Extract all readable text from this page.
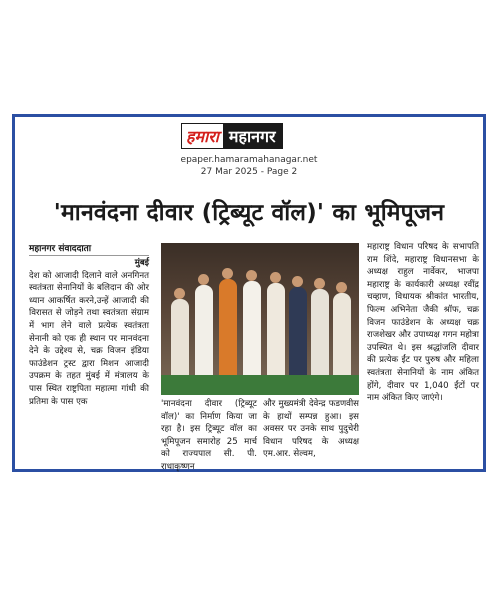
हमारा महानगर
epaper.hamaramahanagar.net
27 Mar 2025 - Page 2
'मानवंदना दीवार (ट्रिब्यूट वॉल)' का भूमिपूजन
महानगर संवाददाता
मुंबई
देश को आजादी दिलाने वाले अनगिनत स्वतंत्रता सेनानियों के बलिदान की ओर ध्यान आकर्षित करने,उन्हें आजादी की विरासत से जोड़ने तथा स्वतंत्रता संग्राम में भाग लेने वाले प्रत्येक स्वतंत्रता सेनानी को एक ही स्थान पर मानवंदना देने के उद्देश्य से, चक्र विजन इंडिया फाउंडेशन ट्रस्ट द्वारा मिशन आजादी उपक्रम के तहत मुंबई में मंत्रालय के पास स्थित राष्ट्रपिता महात्मा गांधी की प्रतिमा के पास एक	'मानवंदना दीवार (ट्रिब्यूट वॉल)' का निर्माण किया जा रहा है। इस ट्रिब्यूट वॉल का भूमिपूजन समारोह 25 मार्च को राज्यपाल सी. पी. राधाकृष्णन
और मुख्यमंत्री देवेन्द्र फडणवीस के हाथों सम्पन्न हुआ। इस अवसर पर उनके साथ पुदुचेरी विधान परिषद के अध्यक्ष एम.आर. सेल्वम,
महाराष्ट्र विधान परिषद के सभापति राम शिंदे, महाराष्ट्र विधानसभा के अध्यक्ष राहुल नार्वेकर, भाजपा महाराष्ट्र के कार्यकारी अध्यक्ष रवींद्र चव्हाण, विधायक श्रीकांत भारतीय, फिल्म अभिनेता जैकी श्रॉफ, चक्र विजन फाउंडेशन के अध्यक्ष चक्र राजशेखर और उपाध्यक्ष गगन महोत्रा उपस्थित थे। इस श्रद्धांजलि दीवार की प्रत्येक ईंट पर पुरुष और महिला स्वतंत्रता सेनानियों के नाम अंकित होंगे, दीवार पर 1,040 ईंटों पर नाम अंकित किए जाएंगे।
